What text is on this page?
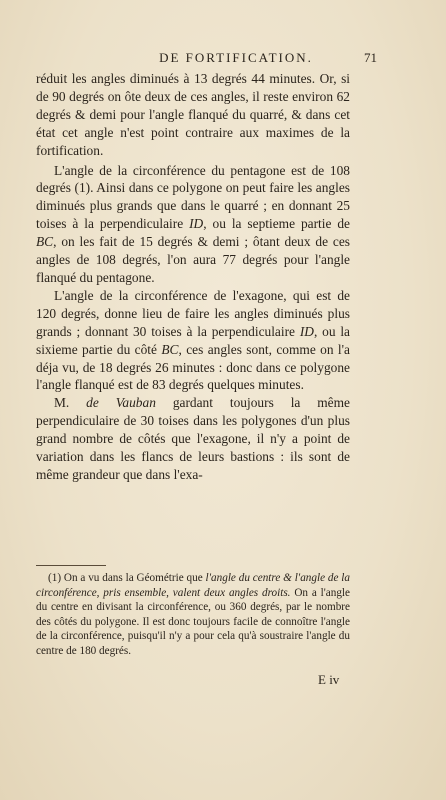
DE FORTIFICATION.	71

réduit les angles diminués à 13 degrés 44 minutes. Or, si de 90 degrés on ôte deux de ces angles, il reste environ 62 degrés & demi pour l'angle flanqué du quarré, & dans cet état cet angle n'est point contraire aux maximes de la fortification.

L'angle de la circonférence du pentagone est de 108 degrés (1). Ainsi dans ce polygone on peut faire les angles diminués plus grands que dans le quarré ; en donnant 25 toises à la perpendiculaire ID, ou la septieme partie de BC, on les fait de 15 degrés & demi ; ôtant deux de ces angles de 108 degrés, l'on aura 77 degrés pour l'angle flanqué du pentagone.

L'angle de la circonférence de l'exagone, qui est de 120 degrés, donne lieu de faire les angles diminués plus grands ; donnant 30 toises à la perpendiculaire ID, ou la sixieme partie du côté BC, ces angles sont, comme on l'a déja vu, de 18 degrés 26 minutes : donc dans ce polygone l'angle flanqué est de 83 degrés quelques minutes.

M. de Vauban gardant toujours la même perpendiculaire de 30 toises dans les polygones d'un plus grand nombre de côtés que l'exagone, il n'y a point de variation dans les flancs de leurs bastions : ils sont de même grandeur que dans l'exa-

(1) On a vu dans la Géométrie que l'angle du centre & l'angle de la circonférence, pris ensemble, valent deux angles droits. On a l'angle du centre en divisant la circonférence, ou 360 degrés, par le nombre des côtés du polygone. Il est donc toujours facile de connoître l'angle de la circonférence, puisqu'il n'y a pour cela qu'à soustraire l'angle du centre de 180 degrés.

E iv
